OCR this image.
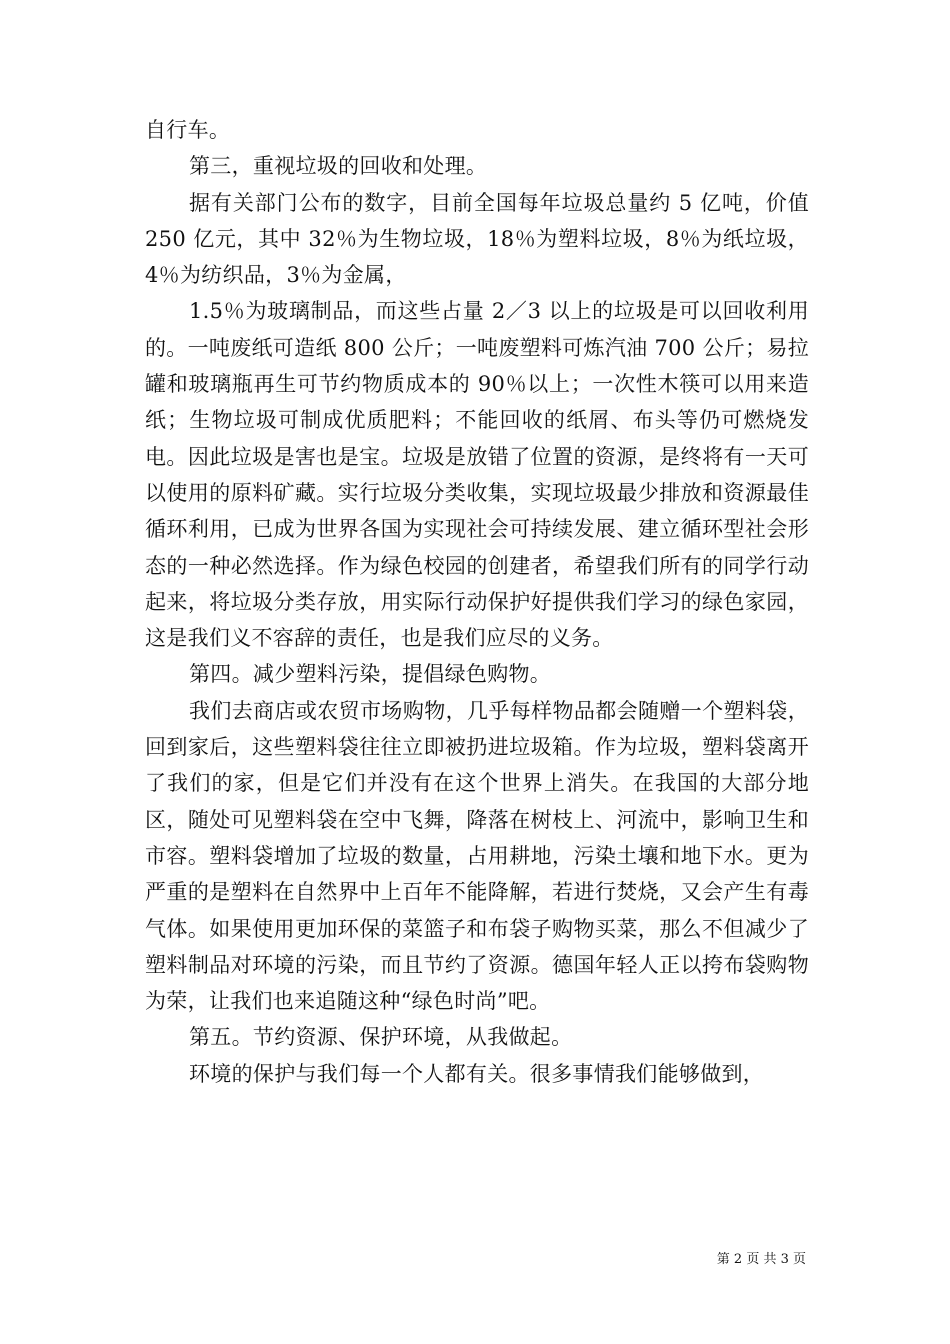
自行车。

第三，重视垃圾的回收和处理。

据有关部门公布的数字，目前全国每年垃圾总量约 5 亿吨，价值 250 亿元，其中 32％为生物垃圾，18％为塑料垃圾，8％为纸垃圾，4％为纺织品，3％为金属，

1.5％为玻璃制品，而这些占量 2／3 以上的垃圾是可以回收利用的。一吨废纸可造纸 800 公斤；一吨废塑料可炼汽油 700 公斤；易拉罐和玻璃瓶再生可节约物质成本的 90％以上；一次性木筷可以用来造纸；生物垃圾可制成优质肥料；不能回收的纸屑、布头等仍可燃烧发电。因此垃圾是害也是宝。垃圾是放错了位置的资源，是终将有一天可以使用的原料矿藏。实行垃圾分类收集，实现垃圾最少排放和资源最佳循环利用，已成为世界各国为实现社会可持续发展、建立循环型社会形态的一种必然选择。作为绿色校园的创建者，希望我们所有的同学行动起来，将垃圾分类存放，用实际行动保护好提供我们学习的绿色家园，这是我们义不容辞的责任，也是我们应尽的义务。

第四。减少塑料污染，提倡绿色购物。

我们去商店或农贸市场购物，几乎每样物品都会随赠一个塑料袋，回到家后，这些塑料袋往往立即被扔进垃圾箱。作为垃圾，塑料袋离开了我们的家，但是它们并没有在这个世界上消失。在我国的大部分地区，随处可见塑料袋在空中飞舞，降落在树枝上、河流中，影响卫生和市容。塑料袋增加了垃圾的数量，占用耕地，污染土壤和地下水。更为严重的是塑料在自然界中上百年不能降解，若进行焚烧，又会产生有毒气体。如果使用更加环保的菜篮子和布袋子购物买菜，那么不但减少了塑料制品对环境的污染，而且节约了资源。德国年轻人正以挎布袋购物为荣，让我们也来追随这种“绿色时尚”吧。

第五。节约资源、保护环境，从我做起。

环境的保护与我们每一个人都有关。很多事情我们能够做到，

第 2 页 共 3 页
